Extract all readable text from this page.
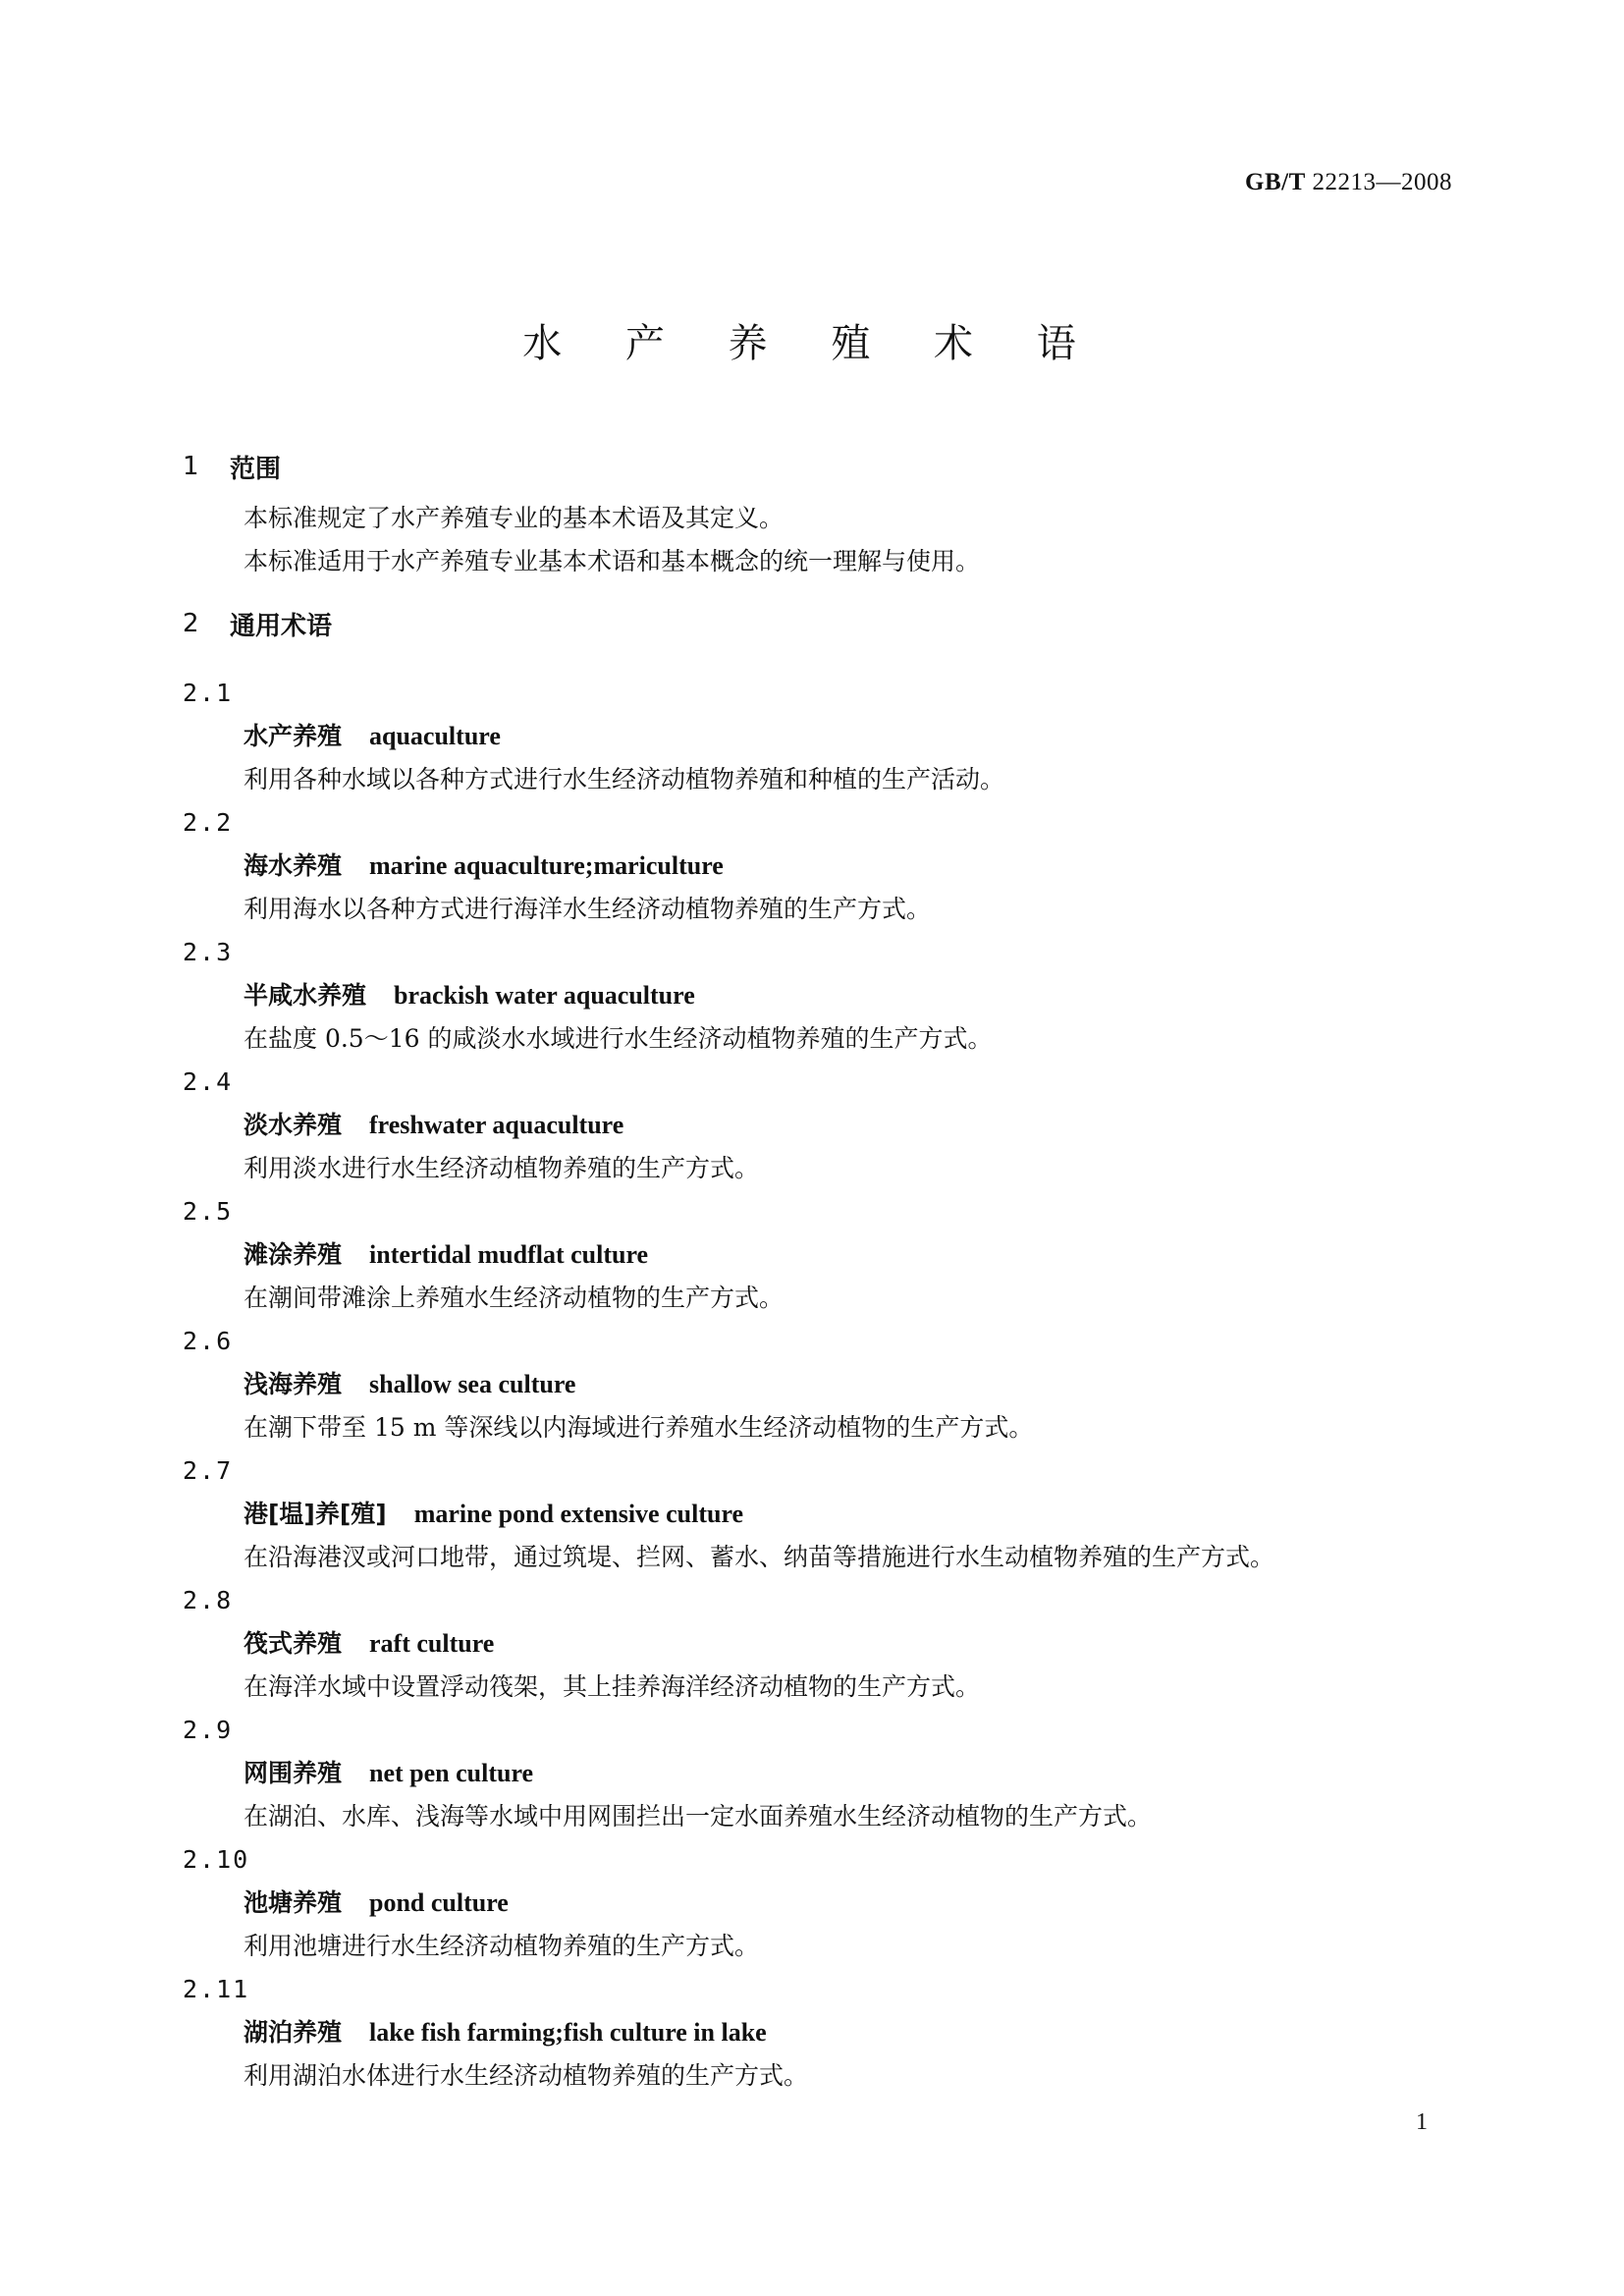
GB/T 22213—2008
水 产 养 殖 术 语
1	范围
本标准规定了水产养殖专业的基本术语及其定义。
本标准适用于水产养殖专业基本术语和基本概念的统一理解与使用。
2	通用术语
2.1
水产养殖 aquaculture
利用各种水域以各种方式进行水生经济动植物养殖和种植的生产活动。
2.2
海水养殖 marine aquaculture;mariculture
利用海水以各种方式进行海洋水生经济动植物养殖的生产方式。
2.3
半咸水养殖 brackish water aquaculture
在盐度 0.5～16 的咸淡水水域进行水生经济动植物养殖的生产方式。
2.4
淡水养殖 freshwater aquaculture
利用淡水进行水生经济动植物养殖的生产方式。
2.5
滩涂养殖 intertidal mudflat culture
在潮间带滩涂上养殖水生经济动植物的生产方式。
2.6
浅海养殖 shallow sea culture
在潮下带至 15 m 等深线以内海域进行养殖水生经济动植物的生产方式。
2.7
港[塭]养[殖] marine pond extensive culture
在沿海港汊或河口地带，通过筑堤、拦网、蓄水、纳苗等措施进行水生动植物养殖的生产方式。
2.8
筏式养殖 raft culture
在海洋水域中设置浮动筏架，其上挂养海洋经济动植物的生产方式。
2.9
网围养殖 net pen culture
在湖泊、水库、浅海等水域中用网围拦出一定水面养殖水生经济动植物的生产方式。
2.10
池塘养殖 pond culture
利用池塘进行水生经济动植物养殖的生产方式。
2.11
湖泊养殖 lake fish farming;fish culture in lake
利用湖泊水体进行水生经济动植物养殖的生产方式。
1
